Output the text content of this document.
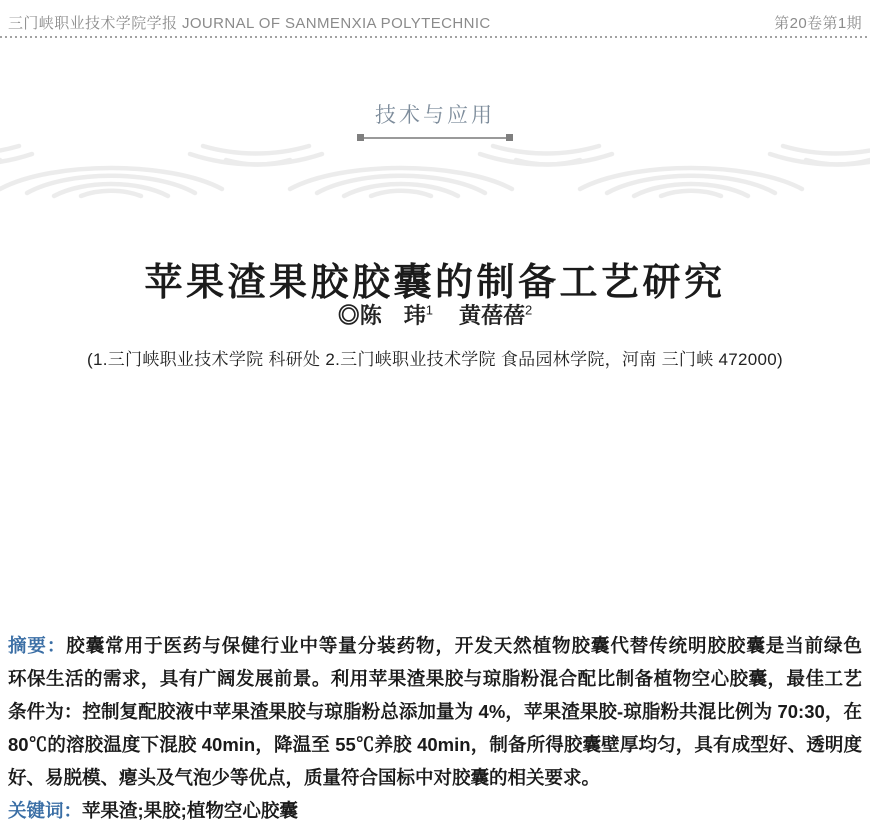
三门峡职业技术学院学报 JOURNAL OF SANMENXIA POLYTECHNIC	第20卷第1期
技术与应用
苹果渣果胶胶囊的制备工艺研究
◎陈　玮$^1$ 黄蓓蓓$^2$
(1.三门峡职业技术学院 科研处 2.三门峡职业技术学院 食品园林学院，河南 三门峡 472000)
摘要：胶囊常用于医药与保健行业中等量分装药物，开发天然植物胶囊代替传统明胶胶囊是当前绿色
环保生活的需求，具有广阔发展前景。利用苹果渣果胶与琼脂粉混合配比制备植物空心胶囊，最佳工艺
条件为：控制复配胶液中苹果渣果胶与琼脂粉总添加量为 4%，苹果渣果胶-琼脂粉共混比例为 70:30，在
80℃的溶胶温度下混胶 40min，降温至 55℃养胶 40min，制备所得胶囊壁厚均匀，具有成型好、透明度
好、易脱模、瘪头及气泡少等优点，质量符合国标中对胶囊的相关要求。
关键词：苹果渣;果胶;植物空心胶囊
